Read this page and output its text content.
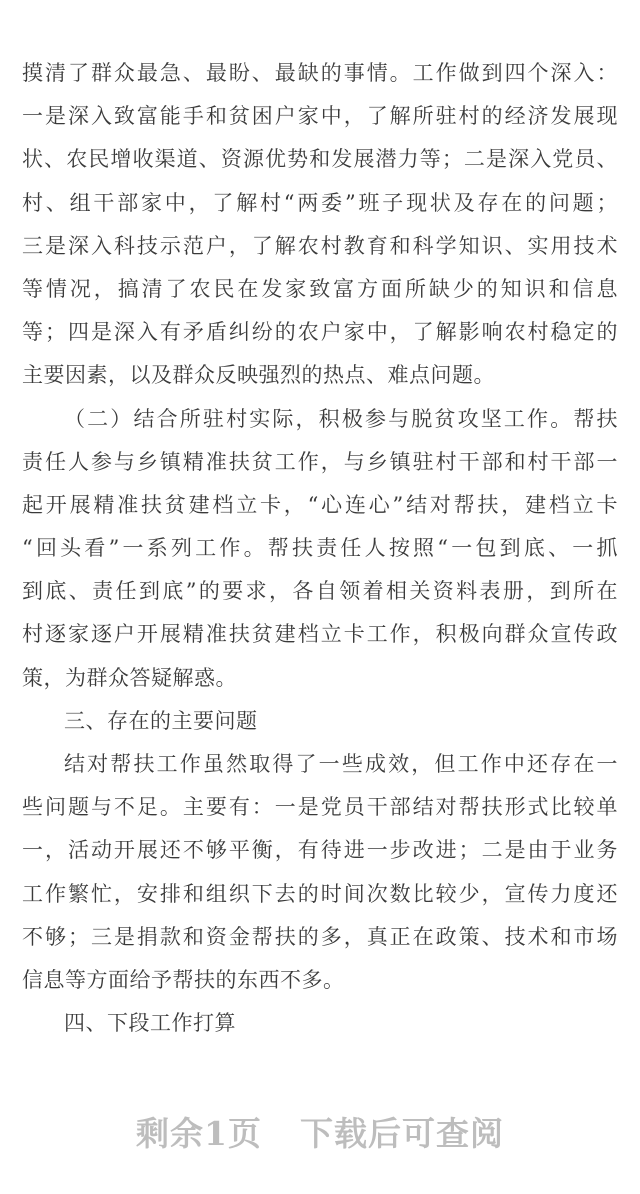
摸清了群众最急、最盼、最缺的事情。工作做到四个深入：
一是深入致富能手和贫困户家中，了解所驻村的经济发展现
状、农民增收渠道、资源优势和发展潜力等；二是深入党员、
村、组干部家中，了解村“两委”班子现状及存在的问题；
三是深入科技示范户，了解农村教育和科学知识、实用技术
等情况，搞清了农民在发家致富方面所缺少的知识和信息
等；四是深入有矛盾纠纷的农户家中，了解影响农村稳定的
主要因素，以及群众反映强烈的热点、难点问题。
（二）结合所驻村实际，积极参与脱贫攻坚工作。帮扶
责任人参与乡镇精准扶贫工作，与乡镇驻村干部和村干部一
起开展精准扶贫建档立卡，“心连心”结对帮扶，建档立卡
“回头看”一系列工作。帮扶责任人按照“一包到底、一抓
到底、责任到底”的要求，各自领着相关资料表册，到所在
村逐家逐户开展精准扶贫建档立卡工作，积极向群众宣传政
策，为群众答疑解惑。
三、存在的主要问题
结对帮扶工作虽然取得了一些成效，但工作中还存在一
些问题与不足。主要有：一是党员干部结对帮扶形式比较单
一，活动开展还不够平衡，有待进一步改进；二是由于业务
工作繁忙，安排和组织下去的时间次数比较少，宣传力度还
不够；三是捐款和资金帮扶的多，真正在政策、技术和市场
信息等方面给予帮扶的东西不多。
四、下段工作打算
剩余1页 下载后可查阅
